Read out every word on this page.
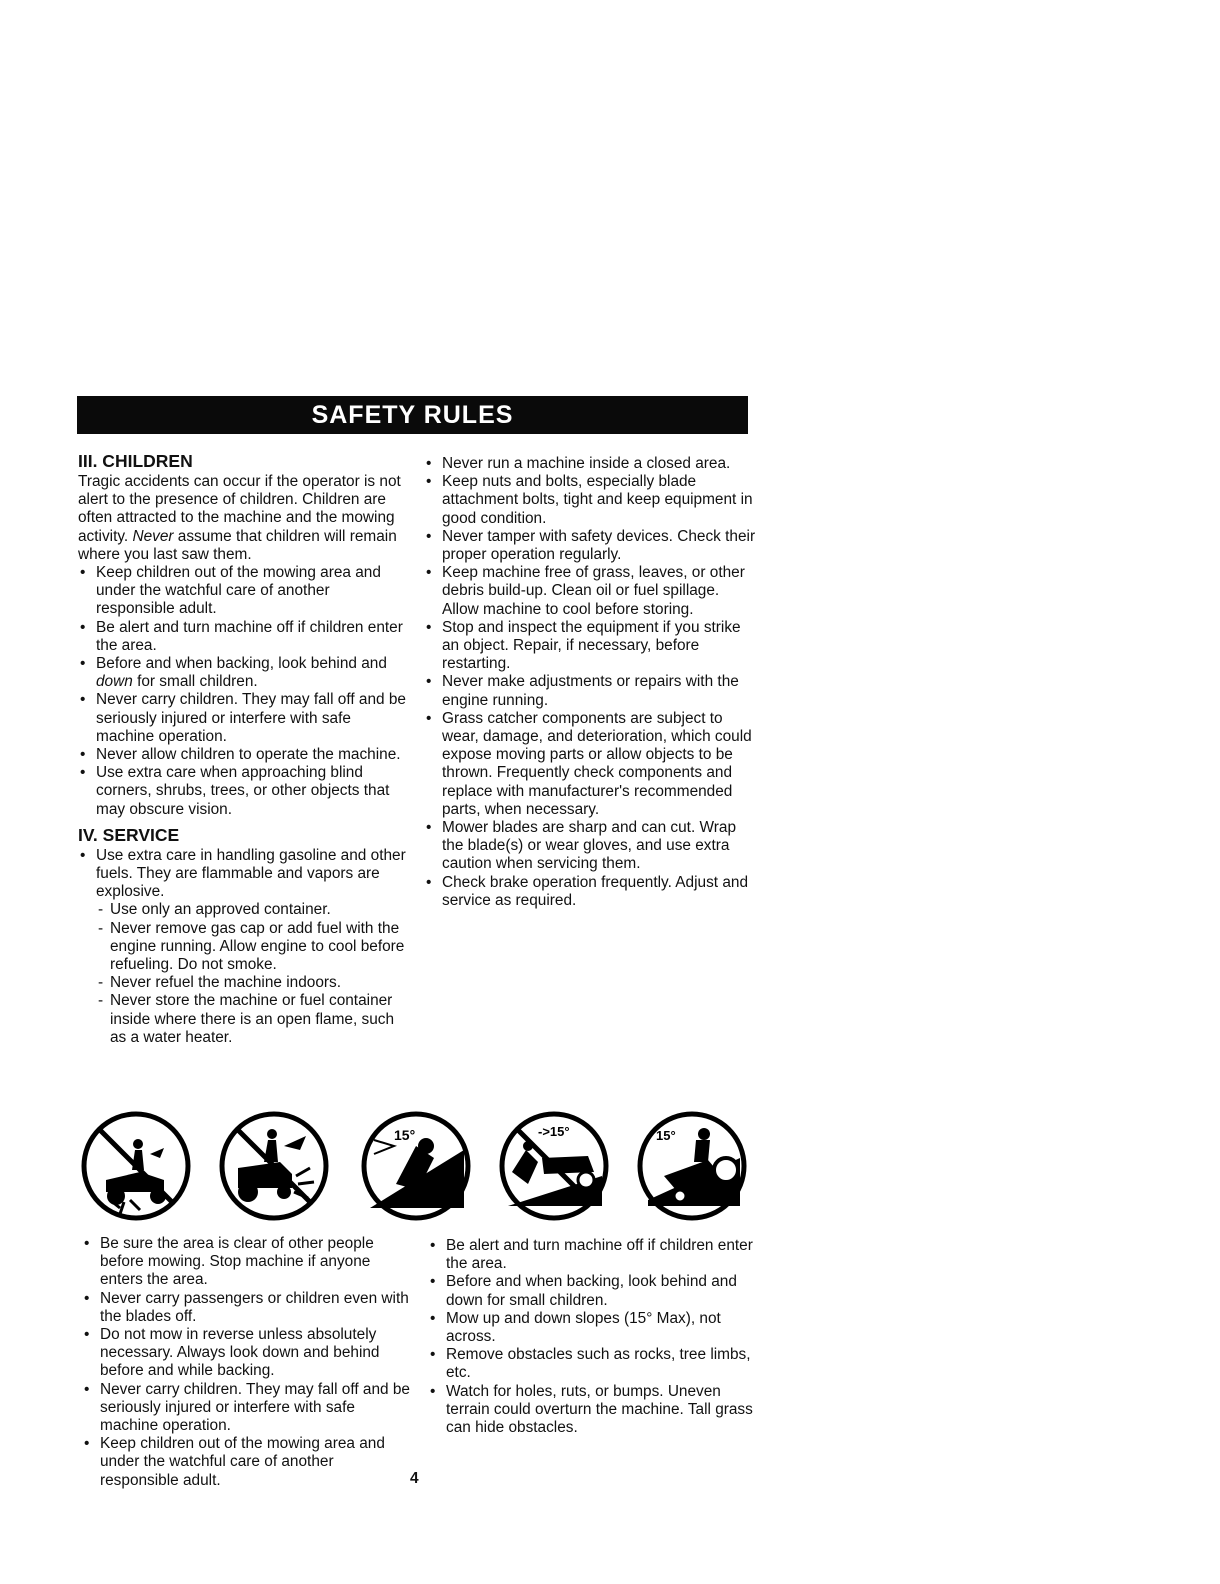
SAFETY RULES
III. CHILDREN

Tragic accidents can occur if the operator is not alert to the presence of children. Children are often attracted to the machine and the mowing activity. Never assume that children will remain where you last saw them.

• Keep children out of the mowing area and under the watchful care of another responsible adult.
• Be alert and turn machine off if children enter the area.
• Before and when backing, look behind and down for small children.
• Never carry children. They may fall off and be seriously injured or interfere with safe machine operation.
• Never allow children to operate the machine.
• Use extra care when approaching blind corners, shrubs, trees, or other objects that may obscure vision.
IV. SERVICE
• Use extra care in handling gasoline and other fuels. They are flammable and vapors are explosive.
- Use only an approved container.
- Never remove gas cap or add fuel with the engine running. Allow engine to cool before refueling. Do not smoke.
- Never refuel the machine indoors.
- Never store the machine or fuel container inside where there is an open flame, such as a water heater.
• Never run a machine inside a closed area.
• Keep nuts and bolts, especially blade attachment bolts, tight and keep equipment in good condition.
• Never tamper with safety devices. Check their proper operation regularly.
• Keep machine free of grass, leaves, or other debris build-up. Clean oil or fuel spillage. Allow machine to cool before storing.
• Stop and inspect the equipment if you strike an object. Repair, if necessary, before restarting.
• Never make adjustments or repairs with the engine running.
• Grass catcher components are subject to wear, damage, and deterioration, which could expose moving parts or allow objects to be thrown. Frequently check components and replace with manufacturer's recommended parts, when necessary.
• Mower blades are sharp and can cut. Wrap the blade(s) or wear gloves, and use extra caution when servicing them.
• Check brake operation frequently. Adjust and service as required.
15°	->15°	15°
• Be sure the area is clear of other people before mowing. Stop machine if anyone enters the area.
• Never carry passengers or children even with the blades off.
• Do not mow in reverse unless absolutely necessary. Always look down and behind before and while backing.
• Never carry children. They may fall off and be seriously injured or interfere with safe machine operation.
• Keep children out of the mowing area and under the watchful care of another responsible adult.
• Be alert and turn machine off if children enter the area.
• Before and when backing, look behind and down for small children.
• Mow up and down slopes (15° Max), not across.
• Remove obstacles such as rocks, tree limbs, etc.
• Watch for holes, ruts, or bumps. Uneven terrain could overturn the machine. Tall grass can hide obstacles.
4
